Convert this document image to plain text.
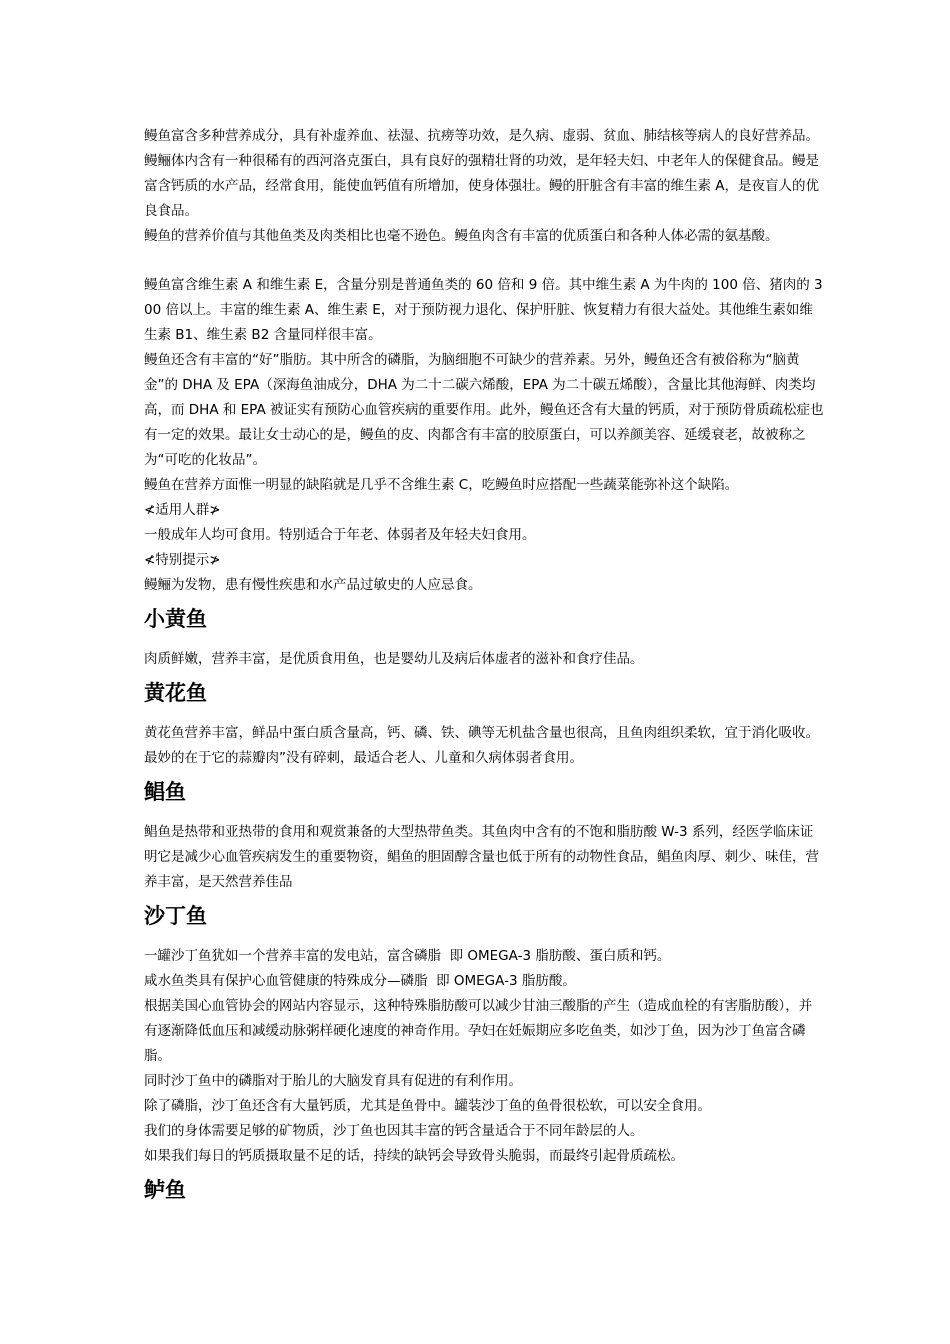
鳗鱼富含多种营养成分，具有补虚养血、祛湿、抗痨等功效，是久病、虚弱、贫血、肺结核等病人的良好营养品。鳗鲡体内含有一种很稀有的西河洛克蛋白，具有良好的强精壮肾的功效，是年轻夫妇、中老年人的保健食品。鳗是富含钙质的水产品，经常食用，能使血钙值有所增加，使身体强壮。鳗的肝脏含有丰富的维生素 A，是夜盲人的优良食品。

鳗鱼的营养价值与其他鱼类及肉类相比也毫不逊色。鳗鱼肉含有丰富的优质蛋白和各种人体必需的氨基酸。

鳗鱼富含维生素 A 和维生素 E，含量分别是普通鱼类的 60 倍和 9 倍。其中维生素 A 为牛肉的 100 倍、猪肉的 300 倍以上。丰富的维生素 A、维生素 E，对于预防视力退化、保护肝脏、恢复精力有很大益处。其他维生素如维生素 B1、维生素 B2 含量同样很丰富。

鳗鱼还含有丰富的“好”脂肪。其中所含的磷脂，为脑细胞不可缺少的营养素。另外，鳗鱼还含有被俗称为“脑黄金”的 DHA 及 EPA（深海鱼油成分，DHA 为二十二碳六烯酸，EPA 为二十碳五烯酸），含量比其他海鲜、肉类均高，而 DHA 和 EPA 被证实有预防心血管疾病的重要作用。此外，鳗鱼还含有大量的钙质，对于预防骨质疏松症也有一定的效果。最让女士动心的是，鳗鱼的皮、肉都含有丰富的胶原蛋白，可以养颜美容、延缓衰老，故被称之为“可吃的化妆品”。

鳗鱼在营养方面惟一明显的缺陷就是几乎不含维生素 C，吃鳗鱼时应搭配一些蔬菜能弥补这个缺陷。

≮适用人群≯

一般成年人均可食用。特别适合于年老、体弱者及年轻夫妇食用。

≮特别提示≯

鳗鲡为发物，患有慢性疾患和水产品过敏史的人应忌食。

小黄鱼

肉质鲜嫩，营养丰富，是优质食用鱼，也是婴幼儿及病后体虚者的滋补和食疗佳品。

黄花鱼

黄花鱼营养丰富，鲜品中蛋白质含量高，钙、磷、铁、碘等无机盐含量也很高，且鱼肉组织柔软，宜于消化吸收。最妙的在于它的蒜瓣肉”没有碎刺，最适合老人、儿童和久病体弱者食用。

鲳鱼

鲳鱼是热带和亚热带的食用和观赏兼备的大型热带鱼类。其鱼肉中含有的不饱和脂肪酸 W-3 系列，经医学临床证明它是减少心血管疾病发生的重要物资，鲳鱼的胆固醇含量也低于所有的动物性食品，鲳鱼肉厚、刺少、味佳，营养丰富，是天然营养佳品

沙丁鱼

一罐沙丁鱼犹如一个营养丰富的发电站，富含磷脂  即 OMEGA-3 脂肪酸、蛋白质和钙。

咸水鱼类具有保护心血管健康的特殊成分—磷脂  即 OMEGA-3 脂肪酸。

根据美国心血管协会的网站内容显示，这种特殊脂肪酸可以减少甘油三酸脂的产生（造成血栓的有害脂肪酸），并有逐渐降低血压和减缓动脉粥样硬化速度的神奇作用。孕妇在妊娠期应多吃鱼类，如沙丁鱼，因为沙丁鱼富含磷脂。

同时沙丁鱼中的磷脂对于胎儿的大脑发育具有促进的有利作用。

除了磷脂，沙丁鱼还含有大量钙质，尤其是鱼骨中。罐装沙丁鱼的鱼骨很松软，可以安全食用。

我们的身体需要足够的矿物质，沙丁鱼也因其丰富的钙含量适合于不同年龄层的人。

如果我们每日的钙质摄取量不足的话，持续的缺钙会导致骨头脆弱，而最终引起骨质疏松。

鲈鱼
